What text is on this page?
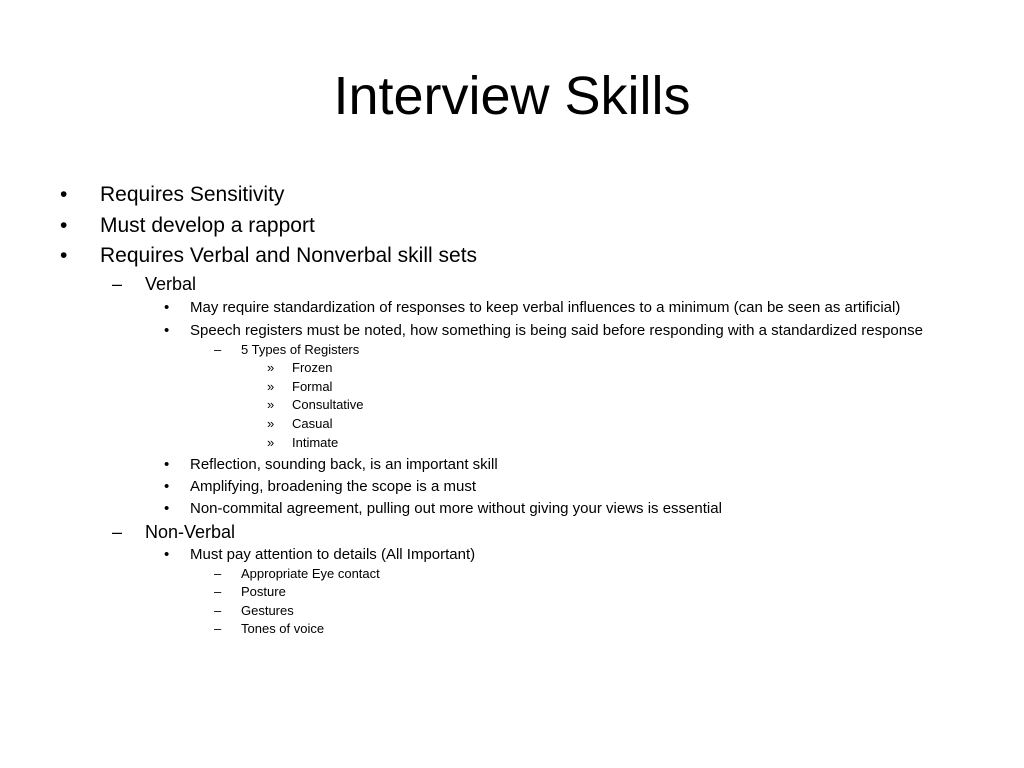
Interview Skills
• Requires Sensitivity
• Must develop a rapport
• Requires Verbal and Nonverbal skill sets
– Verbal
• May require standardization of responses to keep verbal influences to a minimum (can be seen as artificial)
• Speech registers must be noted, how something is being said before responding with a standardized response
– 5 Types of Registers
» Frozen
» Formal
» Consultative
» Casual
» Intimate
• Reflection, sounding back, is an important skill
• Amplifying, broadening the scope is a must
• Non-commital agreement, pulling out more without giving your views is essential
– Non-Verbal
• Must pay attention to details (All Important)
– Appropriate Eye contact
– Posture
– Gestures
– Tones of voice
